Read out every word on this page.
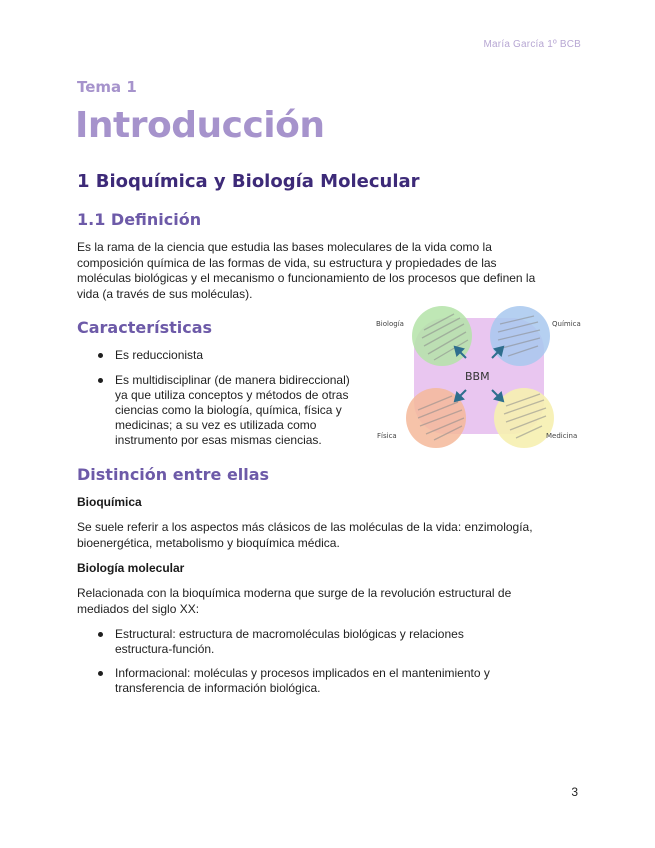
María García 1º BCB
Tema 1
Introducción
1 Bioquímica y Biología Molecular
1.1 Definición

Es la rama de la ciencia que estudia las bases moleculares de la vida como la
composición química de las formas de vida, su estructura y propiedades de las
moléculas biológicas y el mecanismo o funcionamiento de los procesos que definen la
vida (a través de sus moléculas).

Características
Es reduccionista
Es multidisciplinar (de manera bidireccional)
ya que utiliza conceptos y métodos de otras
ciencias como la biología, química, física y
medicinas; a su vez es utilizada como
instrumento por esas mismas ciencias.
BBM
Biología	Química
Física	Medicina
Distinción entre ellas
Bioquímica

Se suele referir a los aspectos más clásicos de las moléculas de la vida: enzimología,
bioenergética, metabolismo y bioquímica médica.

Biología molecular

Relacionada con la bioquímica moderna que surge de la revolución estructural de
mediados del siglo XX:

Estructural: estructura de macromoléculas biológicas y relaciones
estructura-función.
Informacional: moléculas y procesos implicados en el mantenimiento y
transferencia de información biológica.
3
